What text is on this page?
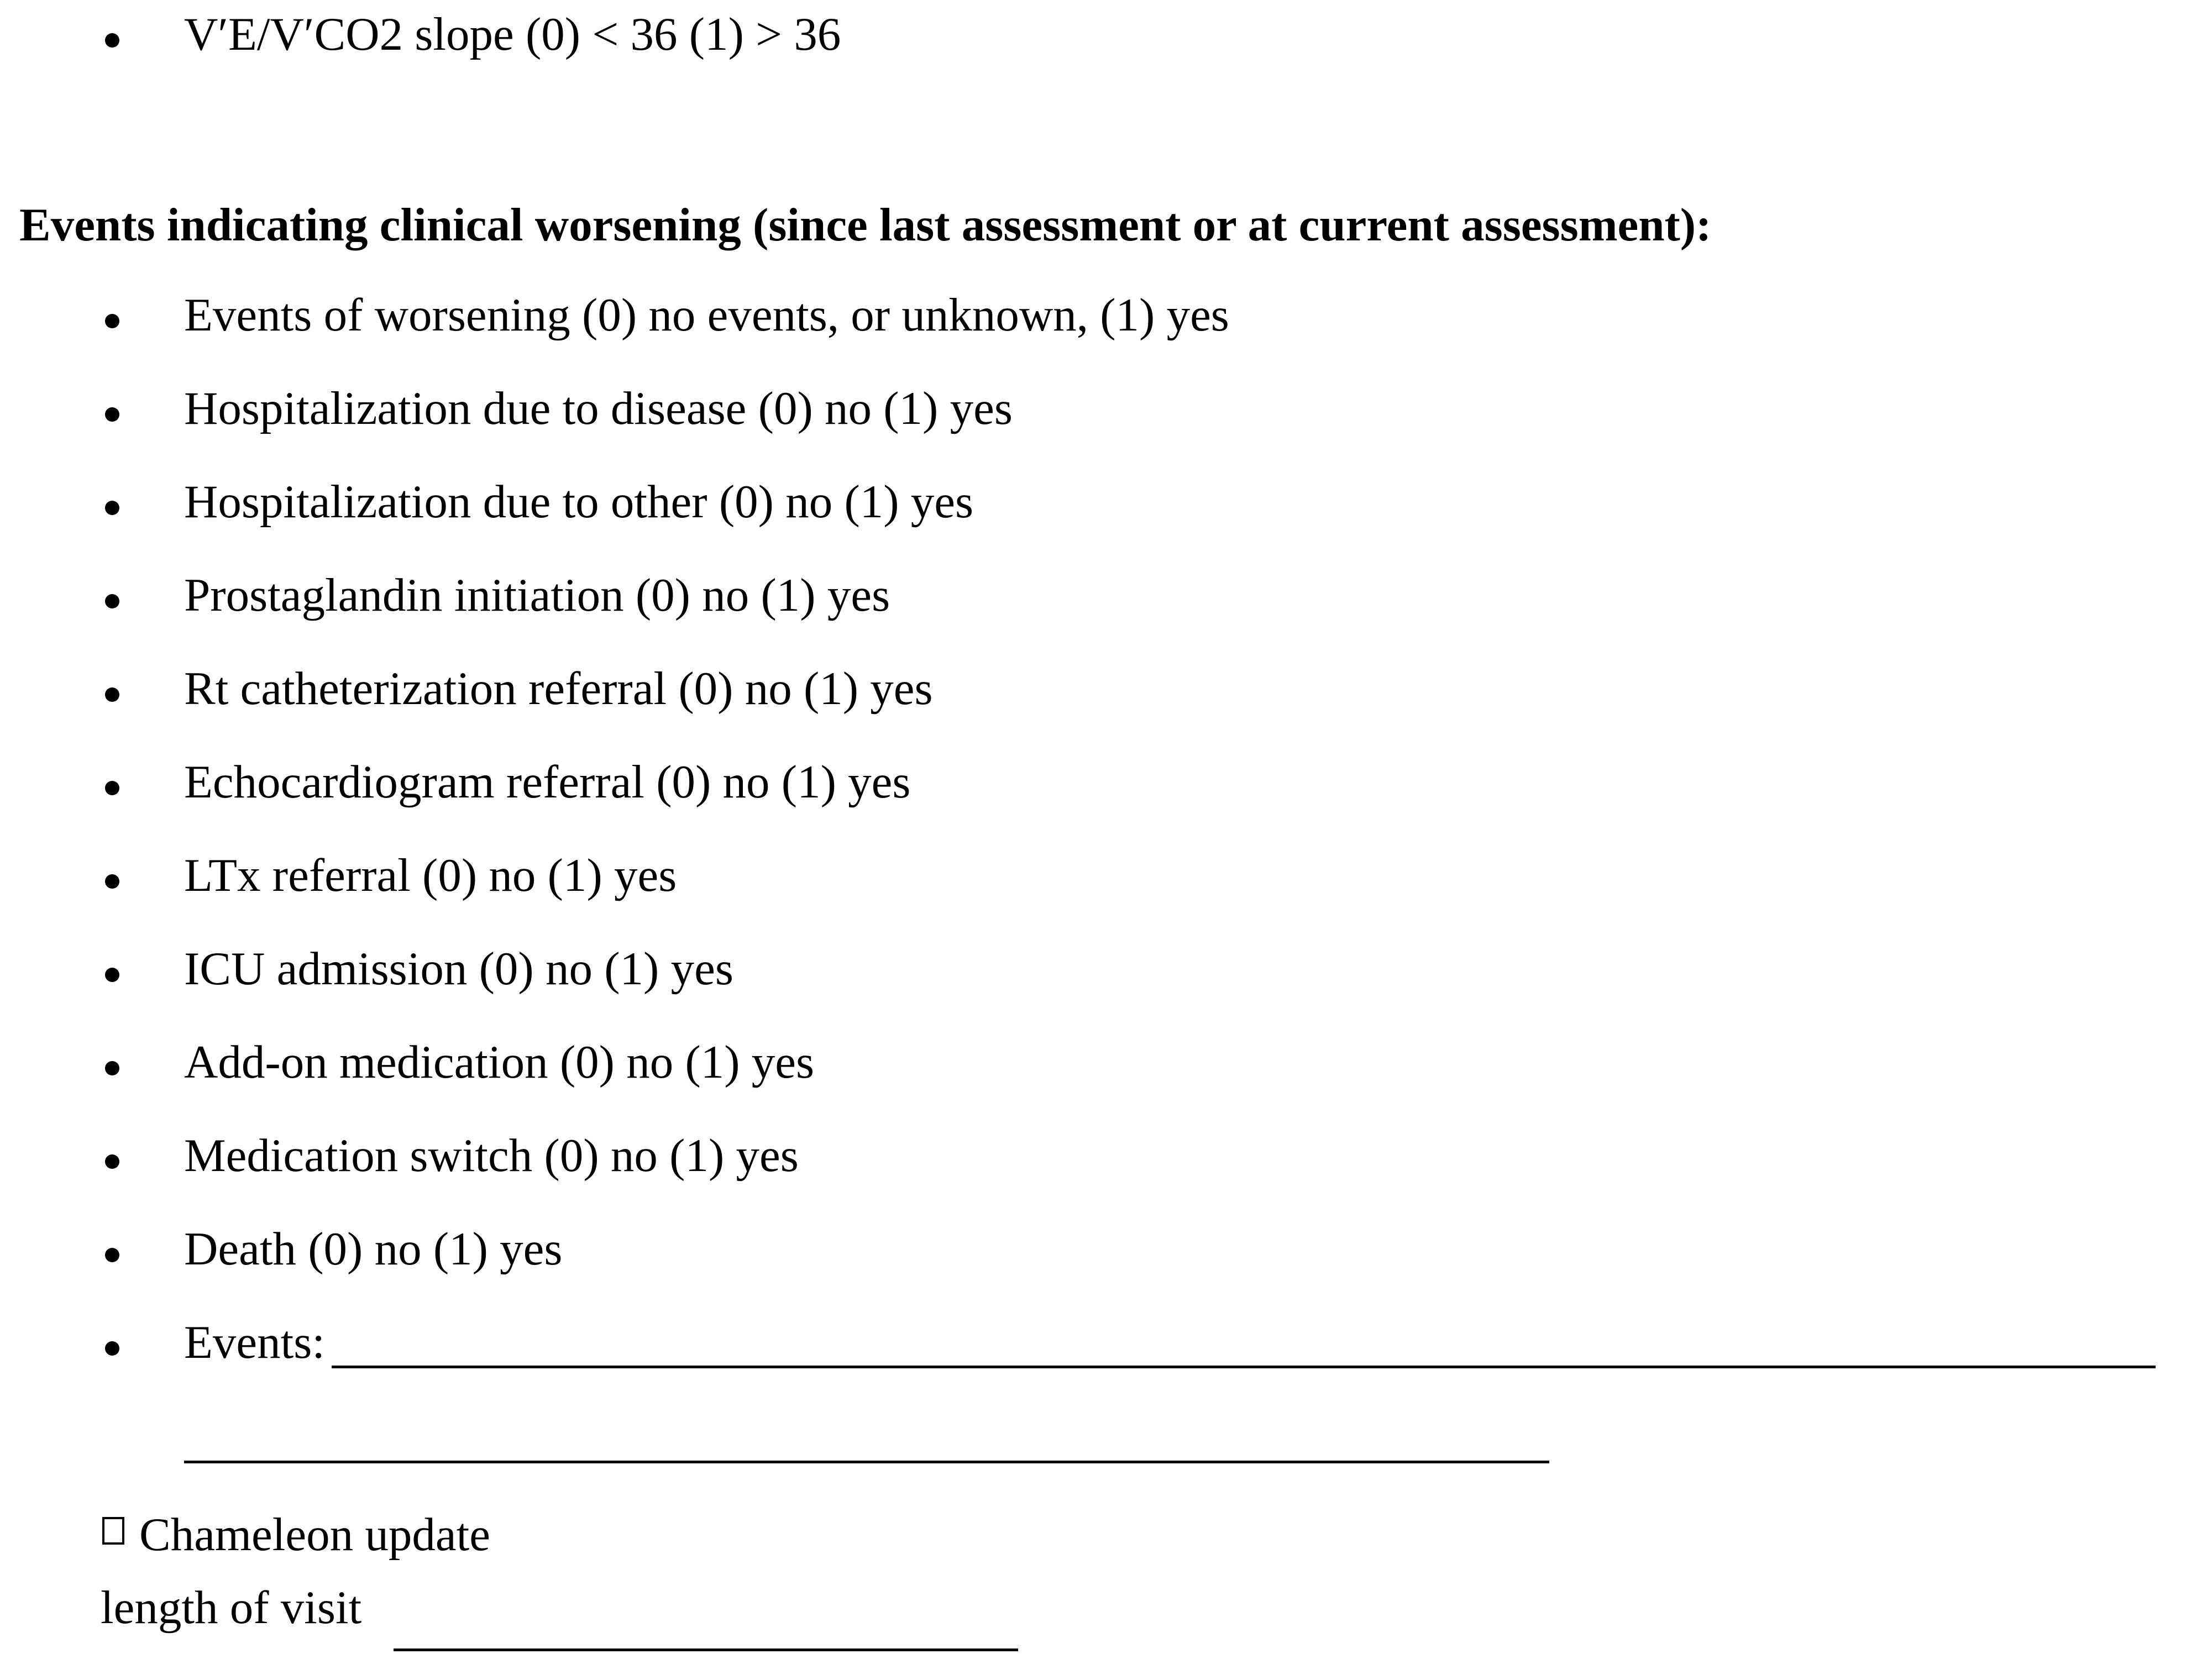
V′E/V′CO2 slope (0) < 36 (1) > 36
Events indicating clinical worsening (since last assessment or at current assessment):
Events of worsening (0) no events, or unknown, (1) yes
Hospitalization due to disease (0) no (1) yes
Hospitalization due to other (0) no (1) yes
Prostaglandin initiation (0) no (1) yes
Rt catheterization referral (0) no (1) yes
Echocardiogram referral (0) no (1) yes
LTx referral (0) no (1) yes
ICU admission (0) no (1) yes
Add-on medication (0) no (1) yes
Medication switch (0) no (1) yes
Death (0) no (1) yes
Events:
Chameleon update
length of visit
